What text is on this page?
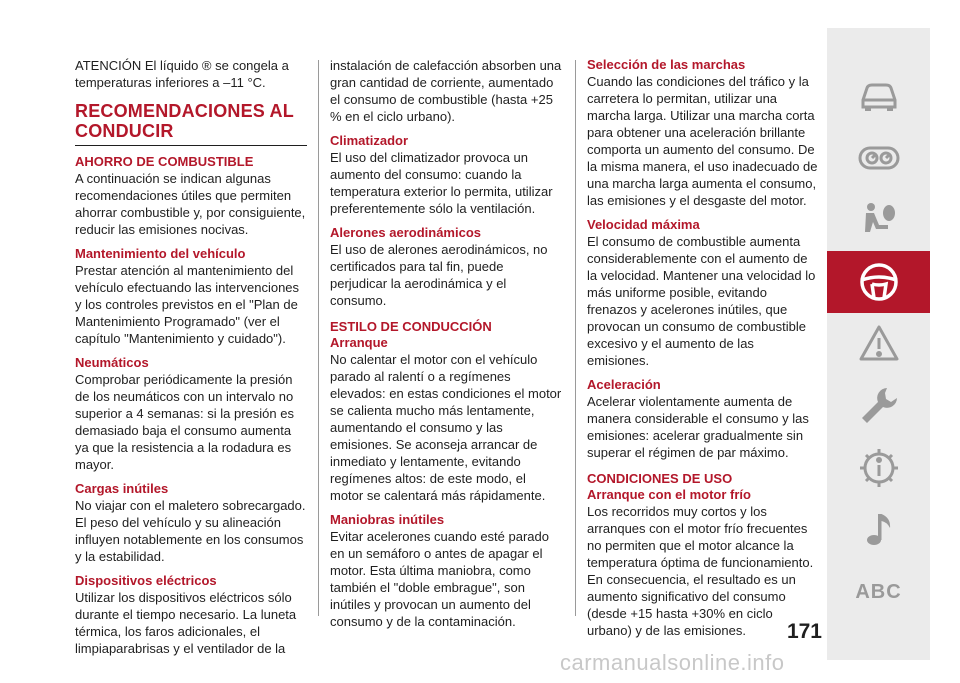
ATENCIÓN El líquido ® se congela a temperaturas inferiores a –11 °C.

RECOMENDACIONES AL CONDUCIR
AHORRO DE COMBUSTIBLE

A continuación se indican algunas recomendaciones útiles que permiten ahorrar combustible y, por consiguiente, reducir las emisiones nocivas.

Mantenimiento del vehículo

Prestar atención al mantenimiento del vehículo efectuando las intervenciones y los controles previstos en el "Plan de Mantenimiento Programado" (ver el capítulo "Mantenimiento y cuidado").

Neumáticos

Comprobar periódicamente la presión de los neumáticos con un intervalo no superior a 4 semanas: si la presión es demasiado baja el consumo aumenta ya que la resistencia a la rodadura es mayor.

Cargas inútiles

No viajar con el maletero sobrecargado. El peso del vehículo y su alineación influyen notablemente en los consumos y la estabilidad.

Dispositivos eléctricos

Utilizar los dispositivos eléctricos sólo durante el tiempo necesario. La luneta térmica, los faros adicionales, el limpiaparabrisas y el ventilador de la

instalación de calefacción absorben una gran cantidad de corriente, aumentado el consumo de combustible (hasta +25 % en el ciclo urbano).

Climatizador

El uso del climatizador provoca un aumento del consumo: cuando la temperatura exterior lo permita, utilizar preferentemente sólo la ventilación.

Alerones aerodinámicos

El uso de alerones aerodinámicos, no certificados para tal fin, puede perjudicar la aerodinámica y el consumo.

ESTILO DE CONDUCCIÓN
Arranque

No calentar el motor con el vehículo parado al ralentí o a regímenes elevados: en estas condiciones el motor se calienta mucho más lentamente, aumentando el consumo y las emisiones. Se aconseja arrancar de inmediato y lentamente, evitando regímenes altos: de este modo, el motor se calentará más rápidamente.

Maniobras inútiles

Evitar acelerones cuando esté parado en un semáforo o antes de apagar el motor. Esta última maniobra, como también el "doble embrague", son inútiles y provocan un aumento del consumo y de la contaminación.

Selección de las marchas

Cuando las condiciones del tráfico y la carretera lo permitan, utilizar una marcha larga. Utilizar una marcha corta para obtener una aceleración brillante comporta un aumento del consumo. De la misma manera, el uso inadecuado de una marcha larga aumenta el consumo, las emisiones y el desgaste del motor.

Velocidad máxima

El consumo de combustible aumenta considerablemente con el aumento de la velocidad. Mantener una velocidad lo más uniforme posible, evitando frenazos y acelerones inútiles, que provocan un consumo de combustible excesivo y el aumento de las emisiones.

Aceleración

Acelerar violentamente aumenta de manera considerable el consumo y las emisiones: acelerar gradualmente sin superar el régimen de par máximo.

CONDICIONES DE USO
Arranque con el motor frío

Los recorridos muy cortos y los arranques con el motor frío frecuentes no permiten que el motor alcance la temperatura óptima de funcionamiento. En consecuencia, el resultado es un aumento significativo del consumo (desde +15 hasta +30% en ciclo urbano) y de las emisiones.

ABC
171
carmanualsonline.info
